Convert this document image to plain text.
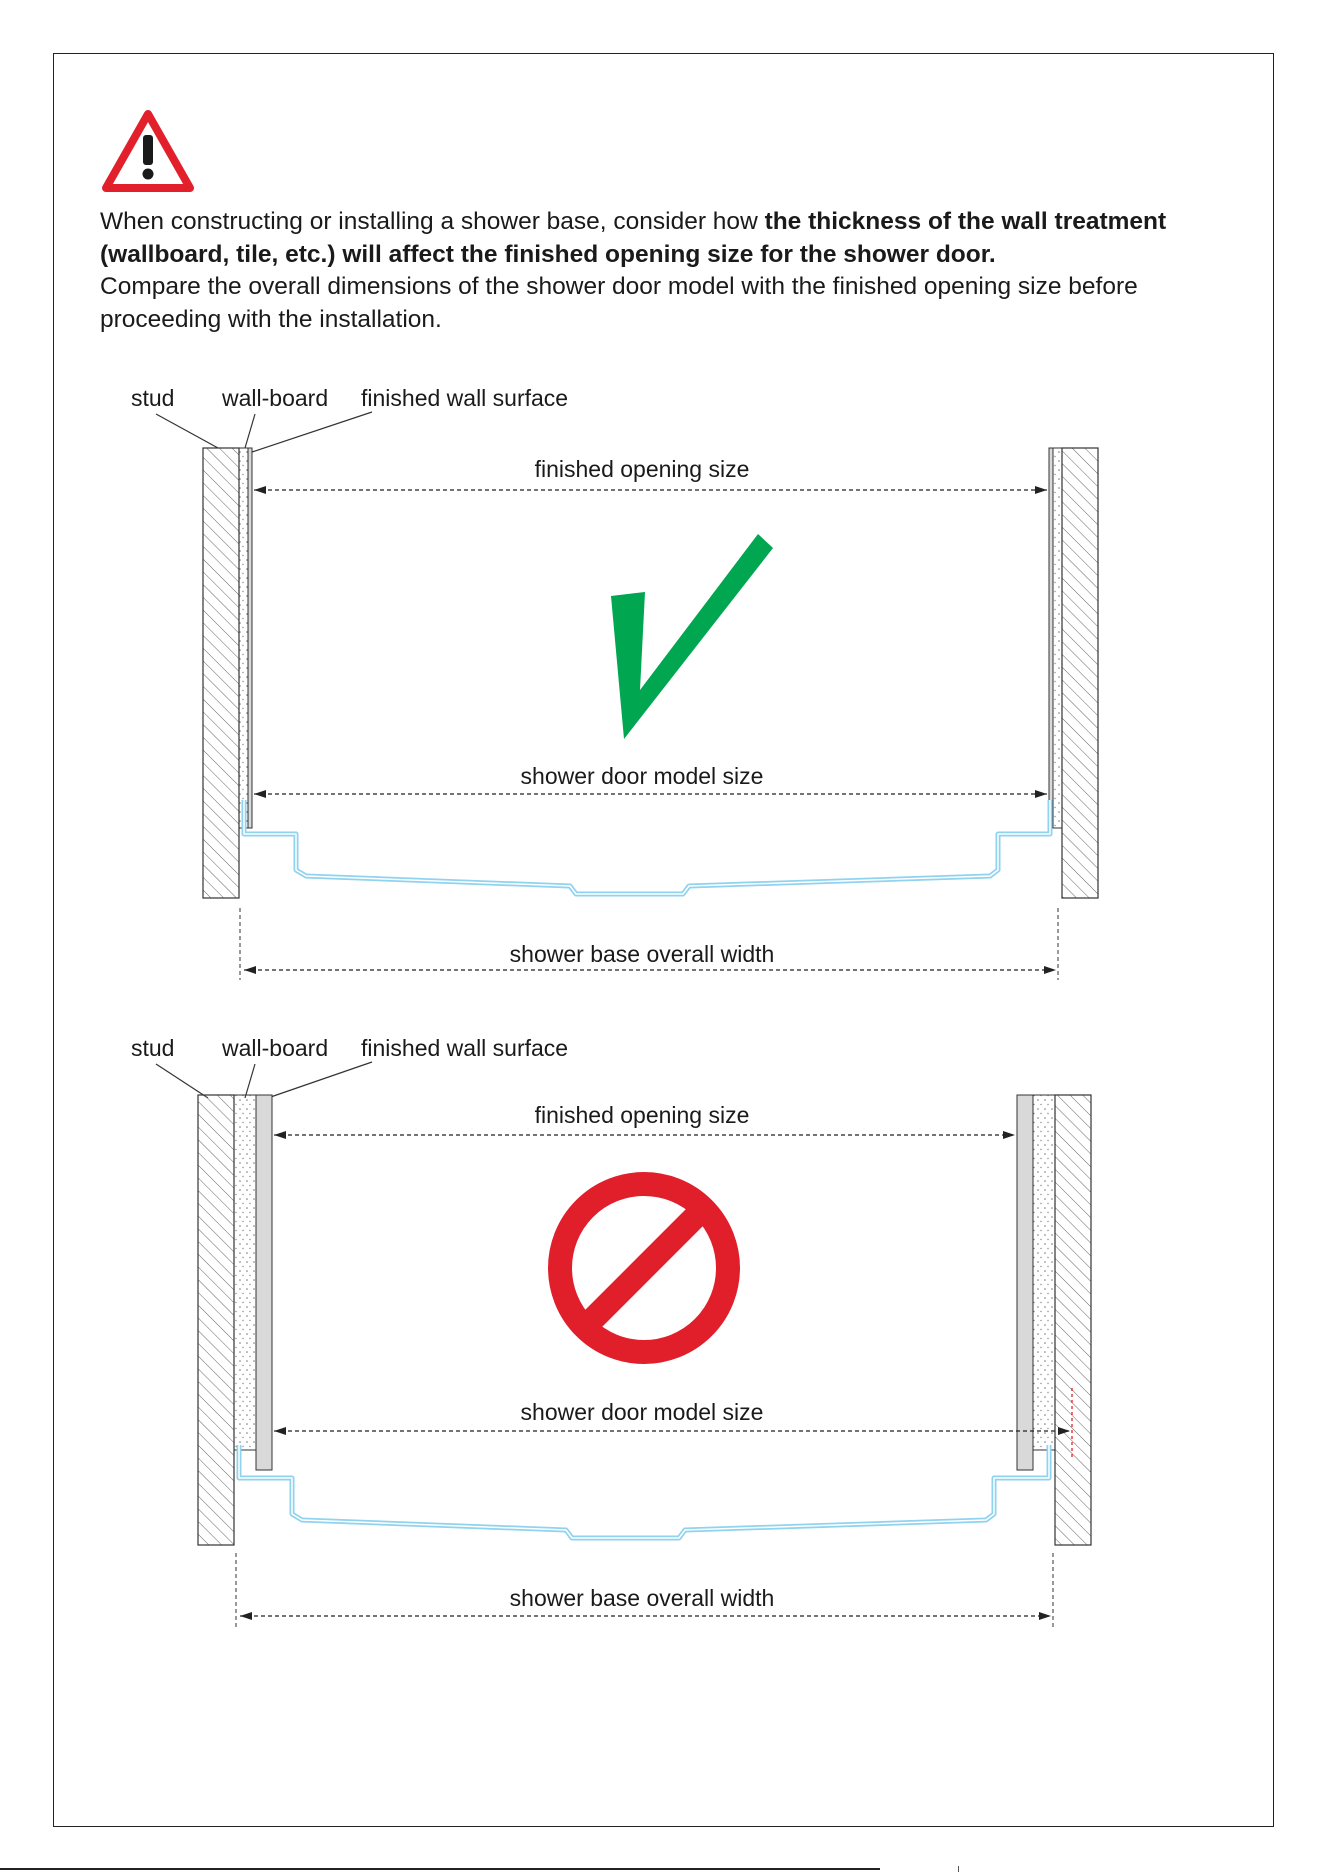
When constructing or installing a shower base, consider how the thickness of the wall treatment (wallboard, tile, etc.) will affect the finished opening size for the shower door.

Compare the overall dimensions of the shower door model with the finished opening size before proceeding with the installation.

stud wall-board finished wall surface
finished opening size
shower door model size
shower base overall width
stud wall-board finished wall surface
finished opening size
shower door model size
shower base overall width
